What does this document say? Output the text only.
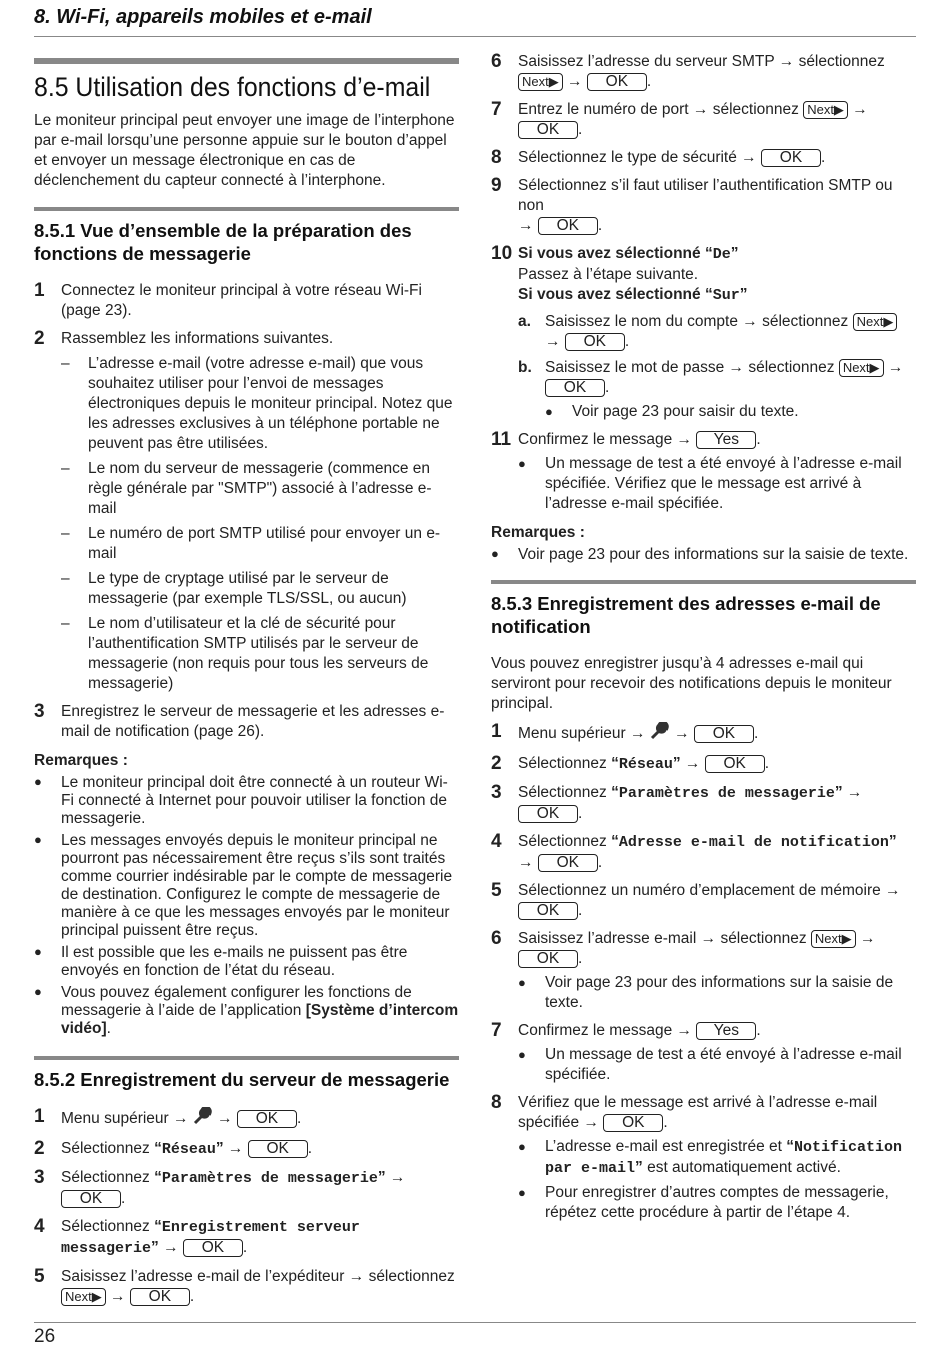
8. Wi-Fi, appareils mobiles et e-mail
8.5 Utilisation des fonctions d’e-mail

Le moniteur principal peut envoyer une image de l’interphone par e-mail lorsqu’une personne appuie sur le bouton d’appel et envoyer un message électronique en cas de déclenchement du capteur connecté à l’interphone.

8.5.1 Vue d’ensemble de la préparation des fonctions de messagerie
1	Connectez le moniteur principal à votre réseau Wi-Fi (page 23).
2	Rassemblez les informations suivantes.
–	L’adresse e-mail (votre adresse e-mail) que vous souhaitez utiliser pour l’envoi de messages électroniques depuis le moniteur principal. Notez que les adresses exclusives à un téléphone portable ne peuvent pas être utilisées.
–	Le nom du serveur de messagerie (commence en règle générale par "SMTP") associé à l’adresse e-mail
–	Le numéro de port SMTP utilisé pour envoyer un e-mail
–	Le type de cryptage utilisé par le serveur de messagerie (par exemple TLS/SSL, ou aucun)
–	Le nom d’utilisateur et la clé de sécurité pour l’authentification SMTP utilisés par le serveur de messagerie (non requis pour tous les serveurs de messagerie)
3	Enregistrez le serveur de messagerie et les adresses e-mail de notification (page 26).
Remarques :
●	Le moniteur principal doit être connecté à un routeur Wi-Fi connecté à Internet pour pouvoir utiliser la fonction de messagerie.
●	Les messages envoyés depuis le moniteur principal ne pourront pas nécessairement être reçus s’ils sont traités comme courrier indésirable par le compte de messagerie de destination. Configurez le compte de messagerie de manière à ce que les messages envoyés par le moniteur principal puissent être reçus.
●	Il est possible que les e-mails ne puissent pas être envoyés en fonction de l’état du réseau.
●	Vous pouvez également configurer les fonctions de messagerie à l’aide de l’application [Système d’intercom vidéo].
8.5.2 Enregistrement du serveur de messagerie
1	Menu supérieur →  → OK .
2	Sélectionnez “Réseau” → OK .
3	Sélectionnez “Paramètres de messagerie” →
OK .
4	Sélectionnez “Enregistrement serveur messagerie” → OK .
5	Saisissez l’adresse e-mail de l’expéditeur → sélectionnez
Next▶ → OK .
6	Saisissez l’adresse du serveur SMTP → sélectionnez
Next▶ → OK .
7	Entrez le numéro de port → sélectionnez Next▶ →
OK .
8	Sélectionnez le type de sécurité → OK .
9	Sélectionnez s’il faut utiliser l’authentification SMTP ou non
→ OK .
10 Si vous avez sélectionné “De”
Passez à l’étape suivante.
Si vous avez sélectionné “Sur”
a. Saisissez le nom du compte → sélectionnez Next▶
→ OK .
b. Saisissez le mot de passe → sélectionnez Next▶ →
OK .
●	Voir page 23 pour saisir du texte.
11 Confirmez le message → Yes .
●	Un message de test a été envoyé à l’adresse e-mail spécifiée. Vérifiez que le message est arrivé à l’adresse e-mail spécifiée.
Remarques :
●	Voir page 23 pour des informations sur la saisie de texte.
8.5.3 Enregistrement des adresses e-mail de notification

Vous pouvez enregistrer jusqu’à 4 adresses e-mail qui serviront pour recevoir des notifications depuis le moniteur principal.

1	Menu supérieur →  → OK .
2	Sélectionnez “Réseau” → OK .
3	Sélectionnez “Paramètres de messagerie” →
OK .
4	Sélectionnez “Adresse e-mail de notification”
→ OK .
5	Sélectionnez un numéro d’emplacement de mémoire →
OK .
6	Saisissez l’adresse e-mail → sélectionnez Next▶ →
OK .
●	Voir page 23 pour des informations sur la saisie de texte.
7	Confirmez le message → Yes .
●	Un message de test a été envoyé à l’adresse e-mail spécifiée.
8	Vérifiez que le message est arrivé à l’adresse e-mail spécifiée → OK .
●	L’adresse e-mail est enregistrée et “Notification par e-mail” est automatiquement activé.
●	Pour enregistrer d’autres comptes de messagerie, répétez cette procédure à partir de l’étape 4.
26
